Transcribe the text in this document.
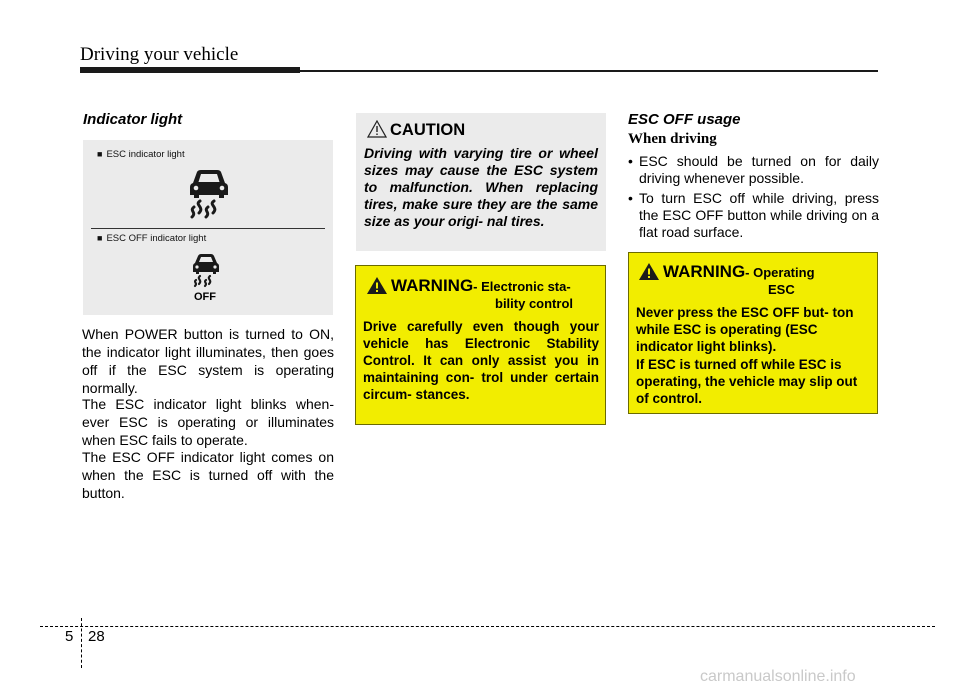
Driving your vehicle
Indicator light
■ ESC indicator light
■ ESC OFF indicator light
OFF
When POWER button is turned to ON, the indicator light illuminates, then goes off if the ESC system is operating normally.
The ESC indicator light blinks when- ever ESC is operating or illuminates when ESC fails to operate.
The ESC OFF indicator light comes on when the ESC is turned off with the button.
CAUTION
Driving with varying tire or wheel sizes may cause the ESC system to malfunction. When replacing tires, make sure they are the same size as your origi- nal tires.
WARNING- Electronic sta-
bility control
Drive carefully even though your vehicle has Electronic Stability Control. It can only assist you in maintaining con- trol under certain circum- stances.
ESC OFF usage
When driving
• ESC should be turned on for daily driving whenever possible.
• To turn ESC off while driving, press the ESC OFF button while driving on a flat road surface.
WARNING- Operating
ESC
Never press the ESC OFF but- ton while ESC is operating (ESC indicator light blinks).
If ESC is turned off while ESC is operating, the vehicle may slip out of control.
5 28
carmanualsonline.info
